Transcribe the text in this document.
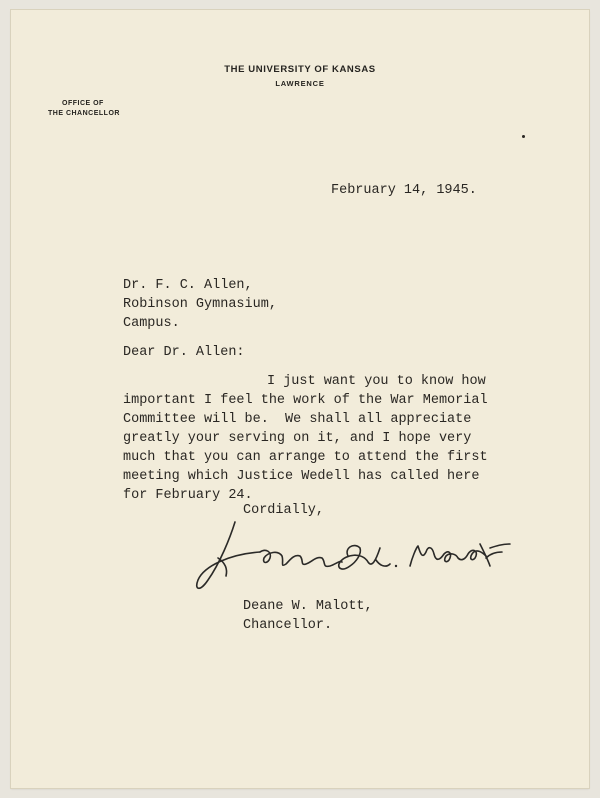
THE UNIVERSITY OF KANSAS
LAWRENCE
OFFICE OF
THE CHANCELLOR
February 14, 1945.
Dr. F. C. Allen,
Robinson Gymnasium,
Campus.
Dear Dr. Allen:
I just want you to know how
important I feel the work of the War Memorial
Committee will be.  We shall all appreciate
greatly your serving on it, and I hope very
much that you can arrange to attend the first
meeting which Justice Wedell has called here
for February 24.
Cordially,
Deane W. Malott,
Chancellor.
